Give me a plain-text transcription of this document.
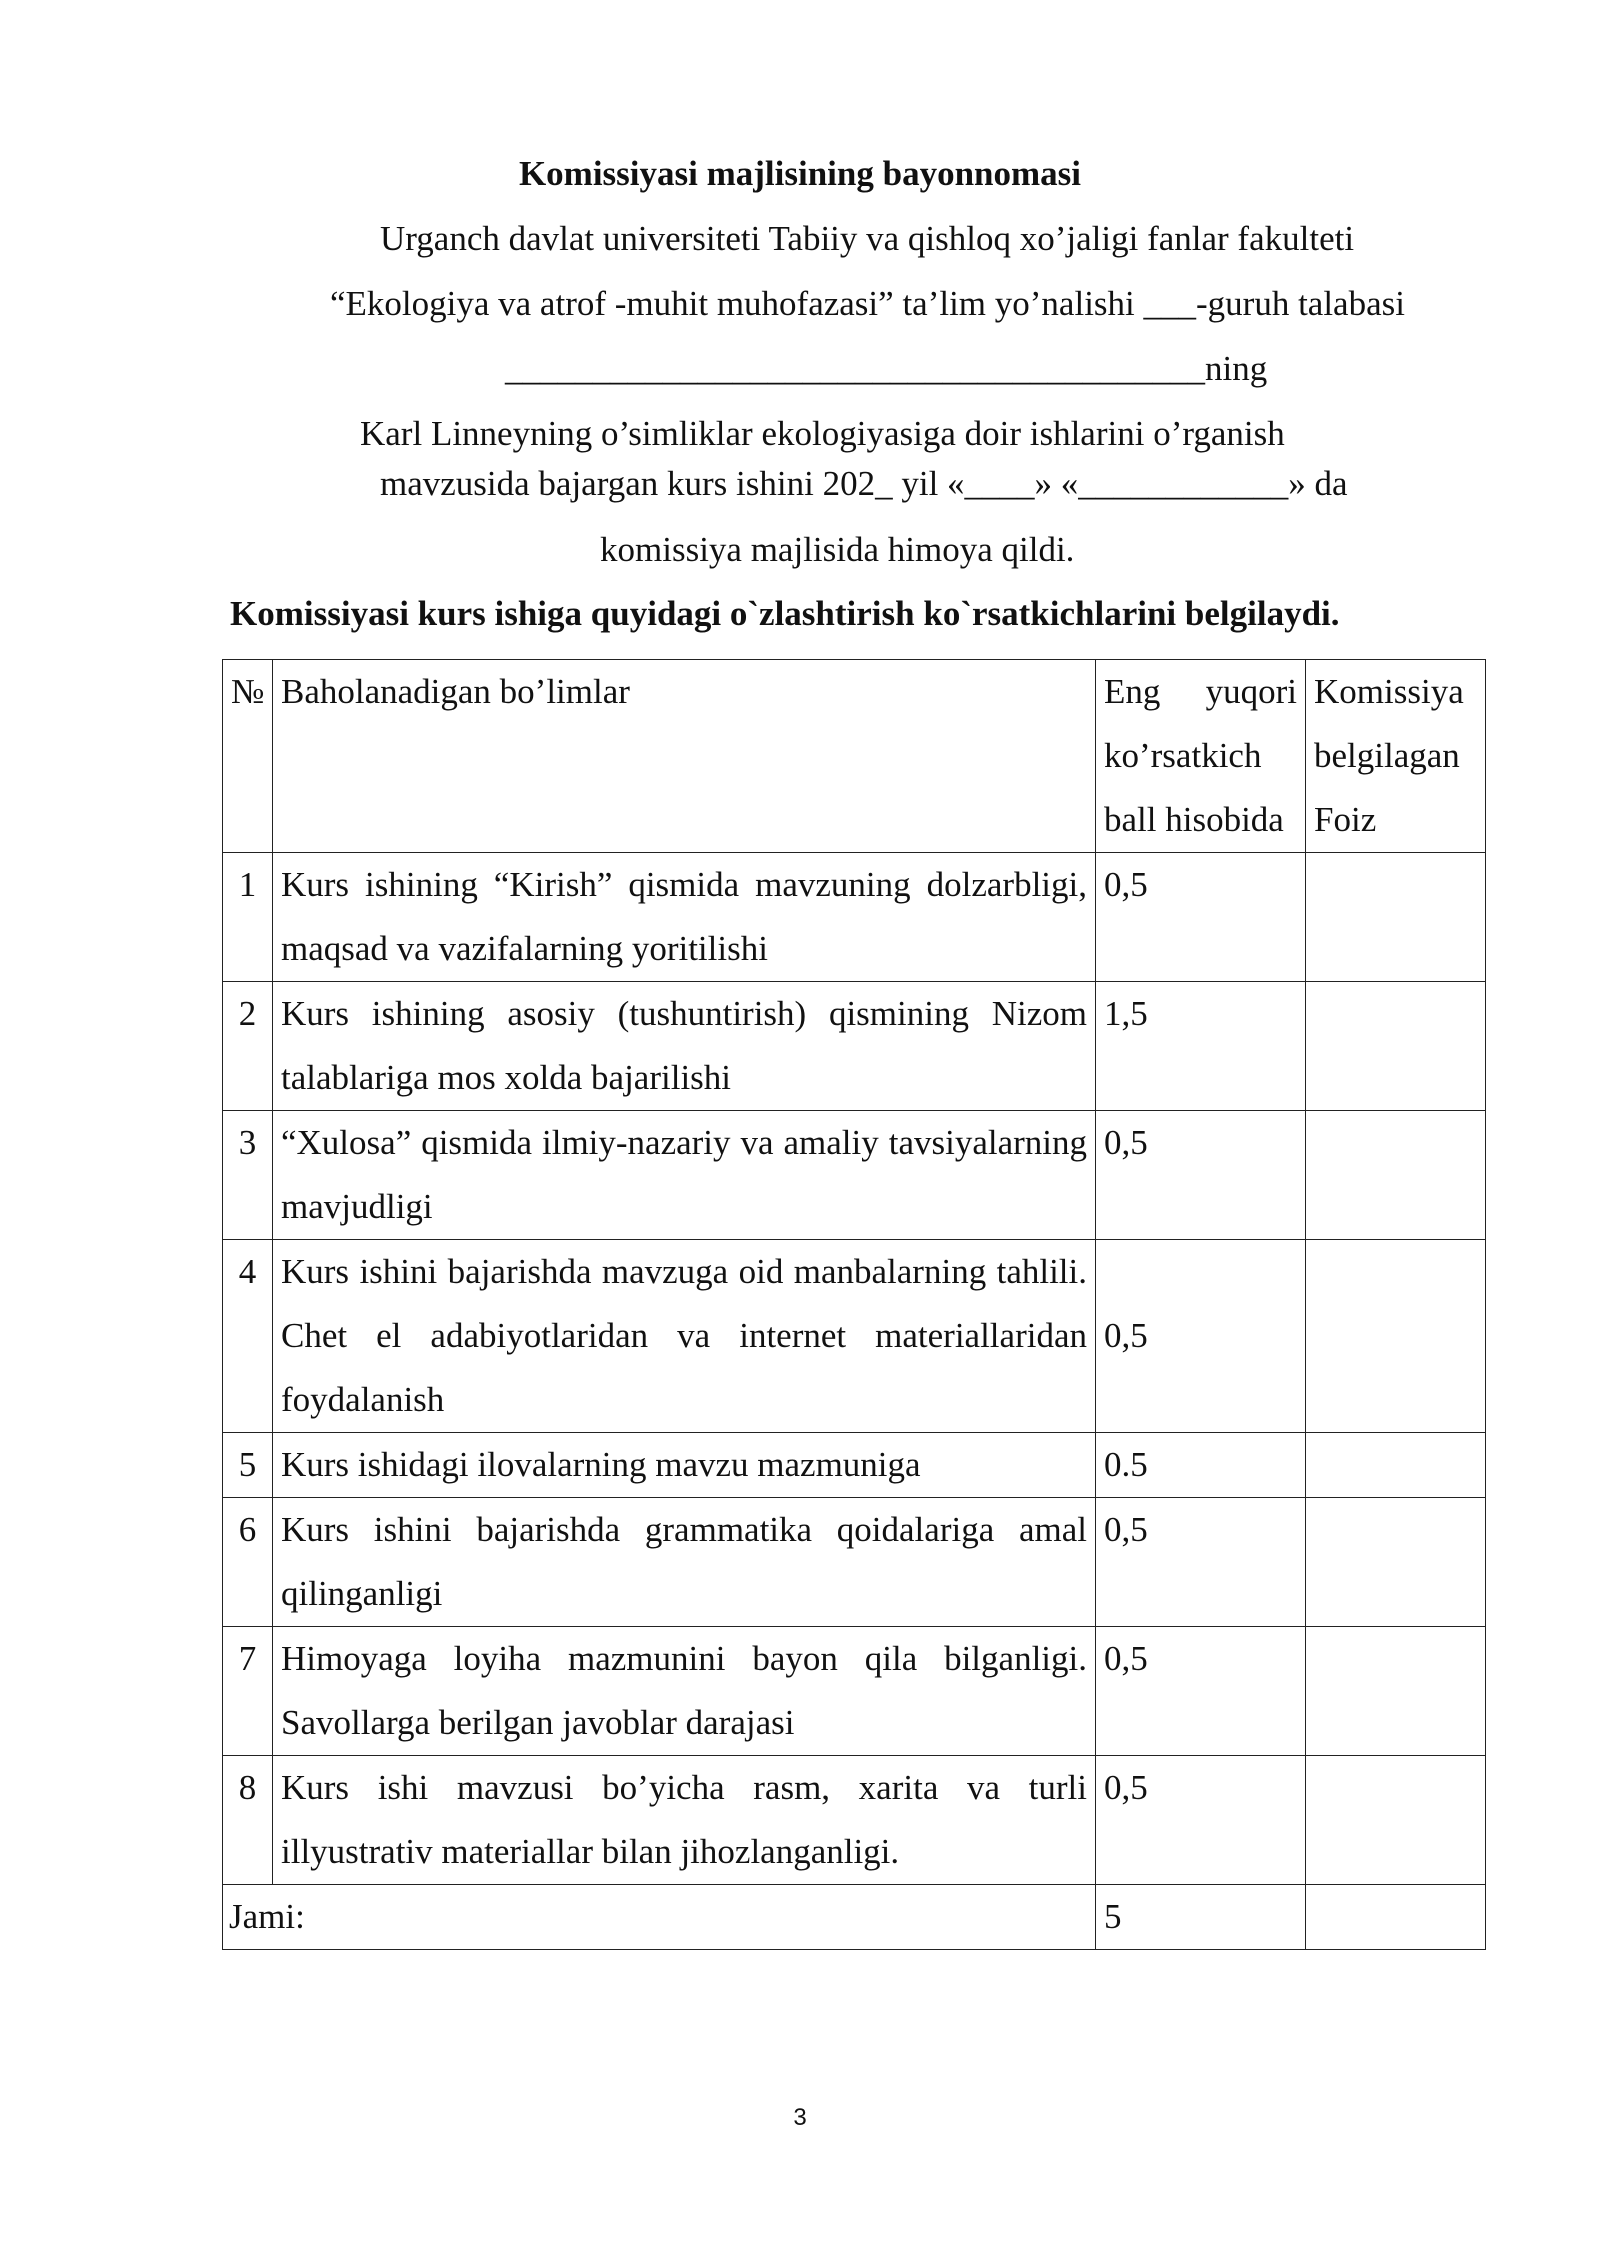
Komissiyasi majlisining bayonnomasi
Urganch davlat universiteti Tabiiy va qishloq xo’jaligi fanlar fakulteti
“Ekologiya va atrof -muhit muhofazasi” ta’lim yo’nalishi ___-guruh talabasi
________________________________________ning
Karl Linneyning o’simliklar ekologiyasiga doir ishlarini o’rganish
mavzusida bajargan kurs ishini 202_ yil «____» «____________» da
komissiya majlisida himoya qildi.
Komissiyasi kurs ishiga quyidagi o`zlashtirish ko`rsatkichlarini belgilaydi.
№	Baholanadigan bo’limlar	Eng yuqori ko’rsatkich ball hisobida	Komissiya belgilagan Foiz
1	Kurs ishining “Kirish” qismida mavzuning dolzarbligi, maqsad va vazifalarning yoritilishi	0,5	
2	Kurs ishining asosiy (tushuntirish) qismining Nizom talablariga mos xolda bajarilishi	1,5	
3	“Xulosa” qismida ilmiy-nazariy va amaliy tavsiyalarning mavjudligi	0,5	
4	Kurs ishini bajarishda mavzuga oid manbalarning tahlili. Chet el adabiyotlaridan va internet materiallaridan foydalanish	0,5	
5	Kurs ishidagi ilovalarning mavzu mazmuniga	0.5	
6	Kurs ishini bajarishda grammatika qoidalariga amal qilinganligi	0,5	
7	Himoyaga loyiha mazmunini bayon qila bilganligi. Savollarga berilgan javoblar darajasi	0,5	
8	Kurs ishi mavzusi bo’yicha rasm, xarita va turli illyustrativ materiallar bilan jihozlanganligi.	0,5	
Jami:		5	
3
